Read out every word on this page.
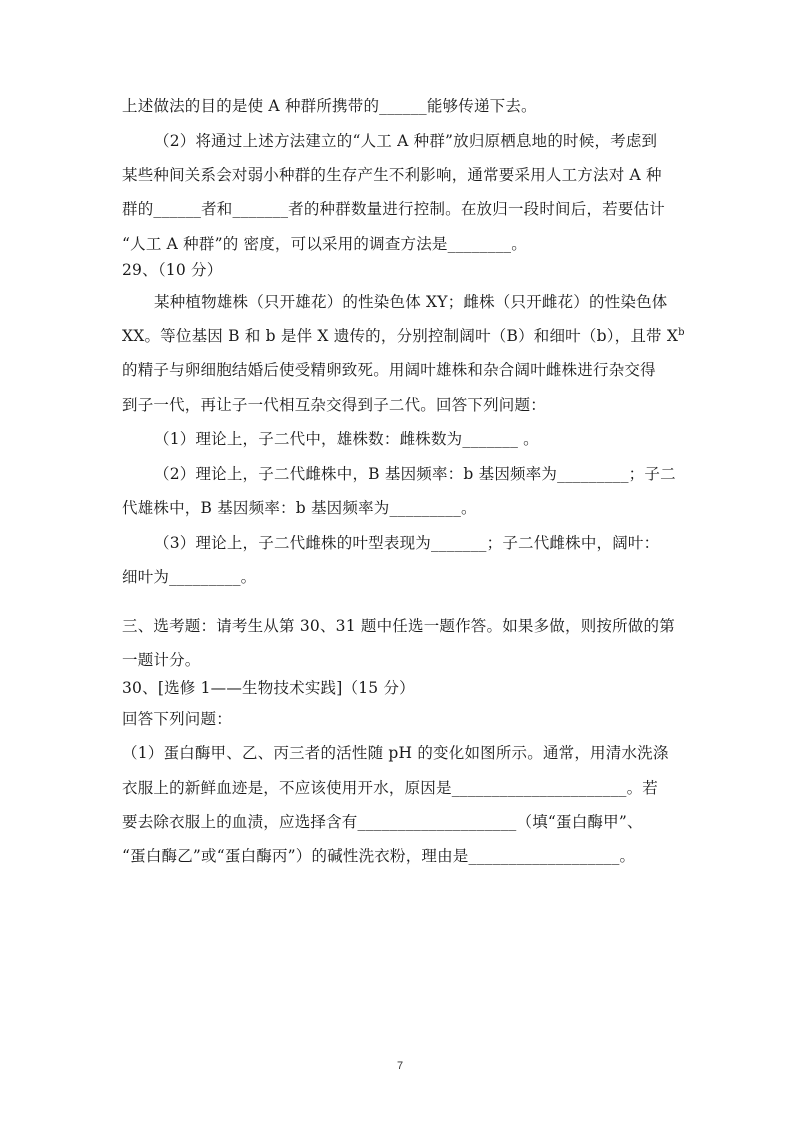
上述做法的目的是使 A 种群所携带的______能够传递下去。
（2）将通过上述方法建立的“人工 A 种群”放归原栖息地的时候，考虑到
某些种间关系会对弱小种群的生存产生不利影响，通常要采用人工方法对 A 种
群的______者和_______者的种群数量进行控制。在放归一段时间后，若要估计
“人工 A 种群”的 密度，可以采用的调查方法是________。
29、（10 分）
某种植物雄株（只开雄花）的性染色体 XY；雌株（只开雌花）的性染色体
XX。等位基因 B 和 b 是伴 X 遗传的，分别控制阔叶（B）和细叶（b），且带 $X^b$
的精子与卵细胞结婚后使受精卵致死。用阔叶雄株和杂合阔叶雌株进行杂交得
到子一代，再让子一代相互杂交得到子二代。回答下列问题：
（1）理论上，子二代中，雄株数：雌株数为_______ 。
（2）理论上，子二代雌株中，B 基因频率：b 基因频率为_________；子二
代雄株中，B 基因频率：b 基因频率为_________。
（3）理论上，子二代雌株的叶型表现为_______；子二代雌株中，阔叶：
细叶为_________。
三、选考题：请考生从第 30、31 题中任选一题作答。如果多做，则按所做的第
一题计分。
30、[选修 1——生物技术实践]（15 分）
回答下列问题：
（1）蛋白酶甲、乙、丙三者的活性随 pH 的变化如图所示。通常，用清水洗涤
衣服上的新鲜血迹是，不应该使用开水，原因是______________________。若
要去除衣服上的血渍，应选择含有____________________（填“蛋白酶甲”、
“蛋白酶乙”或“蛋白酶丙”）的碱性洗衣粉，理由是___________________。
7
